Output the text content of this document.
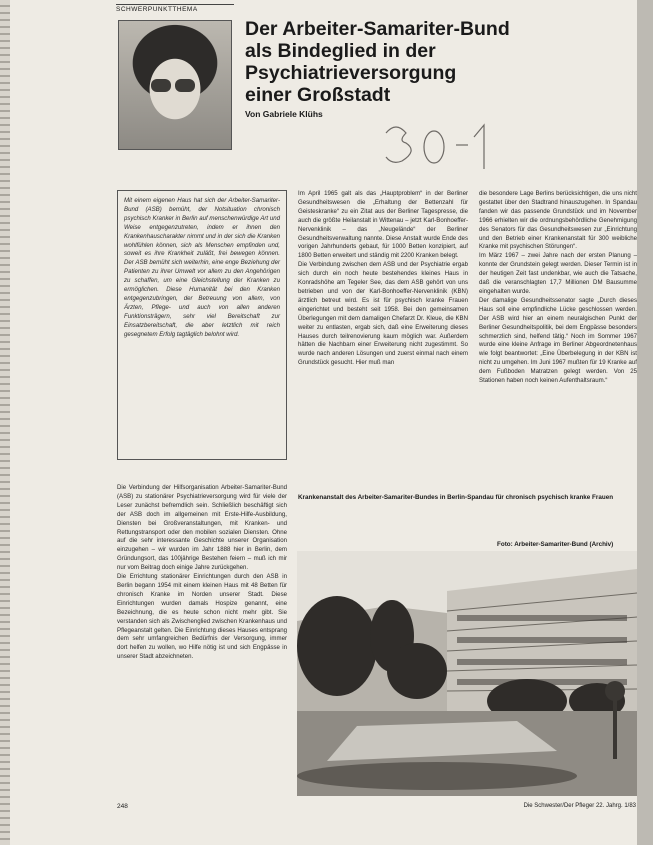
SCHWERPUNKTTHEMA
Der Arbeiter-Samariter-Bund
als Bindeglied in der Psychiatrieversorgung
einer Großstadt
Von Gabriele Klühs	30-1
Mit einem eigenen Haus hat sich der Arbeiter-Samariter-Bund (ASB) bemüht, der Notsituation chronisch psychisch Kranker in Berlin auf menschenwürdige Art und Weise entgegenzutreten, indem er ihnen den Krankenhauscharakter nimmt und in der sich die Kranken wohlfühlen können, sich als Menschen empfinden und, soweit es ihre Krankheit zuläßt, frei bewegen können. Der ASB bemüht sich weiterhin, eine enge Beziehung der Patienten zu ihrer Umwelt vor allem zu den Angehörigen zu schaffen, um eine Gleichstellung der Kranken zu ermöglichen. Diese Humanität bei den Kranken entgegenzubringen, der Betreuung von allem, von Ärzten, Pflege- und auch von allen anderen Funktionsträgern, sehr viel Bereitschaft zur Einsatzbereitschaft, die aber letztlich mit reich gesegnetem Erfolg tagtäglich belohnt wird.

Die Verbindung der Hilfsorganisation Arbeiter-Samariter-Bund (ASB) zu stationärer Psychiatrieversorgung wird für viele der Leser zunächst befremdlich sein. Schließlich beschäftigt sich der ASB doch im allgemeinen mit Erste-Hilfe-Ausbildung, Diensten bei Großveranstaltungen, mit Kranken- und Rettungstransport oder den mobilen sozialen Diensten. Ohne auf die sehr interessante Geschichte unserer Organisation einzugehen – wir wurden im Jahr 1888 hier in Berlin, dem Gründungsort, das 100jährige Bestehen feiern – muß ich mir nur vom Beitrag doch einige Jahre zurückgehen.

Die Errichtung stationärer Einrichtungen durch den ASB in Berlin begann 1954 mit einem kleinen Haus mit 48 Betten für chronisch Kranke im Norden unserer Stadt. Diese Einrichtungen wurden damals Hospize genannt, eine Bezeichnung, die es heute schon nicht mehr gibt. Sie verstanden sich als Zwischenglied zwischen Krankenhaus und Pflegeanstalt gelten. Die Einrichtung dieses Hauses entsprang dem sehr umfangreichen Bedürfnis der Versorgung, immer dort helfen zu wollen, wo Hilfe nötig ist und sich Engpässe in unserer Stadt abzeichneten.

Im April 1965 galt als das „Hauptproblem“ in der Berliner Gesundheitswesen die „Erhaltung der Bettenzahl für Geisteskranke“ zu ein Zitat aus der Berliner Tagespresse, die auch die größte Heilanstalt in Wittenau – jetzt Karl-Bonhoeffer-Nervenklinik – das „Neugelände“ der Berliner Gesundheitsverwaltung nannte. Diese Anstalt wurde Ende des vorigen Jahrhunderts gebaut, für 1000 Betten konzipiert, auf 1800 Betten erweitert und ständig mit 2200 Kranken belegt.

Die Verbindung zwischen dem ASB und der Psychiatrie ergab sich durch ein noch heute bestehendes kleines Haus in Konradshöhe am Tegeler See, das dem ASB gehört von uns betrieben und von der Karl-Bonhoeffer-Nervenklinik (KBN) ärztlich betreut wird. Es ist für psychisch kranke Frauen eingerichtet und besteht seit 1958. Bei den gemeinsamen Überlegungen mit dem damaligen Chefarzt Dr. Kleue, die KBN weiter zu entlasten, ergab sich, daß eine Erweiterung dieses Hauses durch teilrenovierung kaum möglich war. Außerdem hätten die Nachbarn einer Erweiterung nicht zugestimmt. So wurde nach anderen Lösungen und zuerst einmal nach einem Grundstück gesucht. Hier muß man

die besondere Lage Berlins berücksichtigen, die uns nicht gestattet über den Stadtrand hinauszugehen. In Spandau fanden wir das passende Grundstück und im November 1966 erhielten wir die ordnungsbehördliche Genehmigung des Senators für das Gesundheitswesen zur „Einrichtung und den Betrieb einer Krankenanstalt für 300 weibliche Kranke mit psychischen Störungen“.

Im März 1967 – zwei Jahre nach der ersten Planung – konnte der Grundstein gelegt werden. Dieser Termin ist in der heutigen Zeit fast undenkbar, wie auch die Tatsache, daß die veranschlagten 17,7 Millionen DM Bausumme eingehalten wurde.

Der damalige Gesundheitssenator sagte „Durch dieses Haus soll eine empfindliche Lücke geschlossen werden. Der ASB wird hier an einem neuralgischen Punkt der Berliner Gesundheitspolitik, bei dem Engpässe besonders schmerzlich sind, helfend tätig.“ Noch im Sommer 1967 wurde eine kleine Anfrage im Berliner Abgeordnetenhaus wie folgt beantwortet: „Eine Überbelegung in der KBN ist nicht zu umgehen. Im Juni 1967 mußten für 19 Kranke auf dem Fußboden Matratzen gelegt werden. Von 25 Stationen haben noch keinen Aufenthaltsraum.“

Krankenanstalt des Arbeiter-Samariter-Bundes in Berlin-Spandau für chronisch psychisch kranke Frauen
Foto: Arbeiter-Samariter-Bund (Archiv)
248	Die Schwester/Der Pfleger 22. Jahrg. 1/83
